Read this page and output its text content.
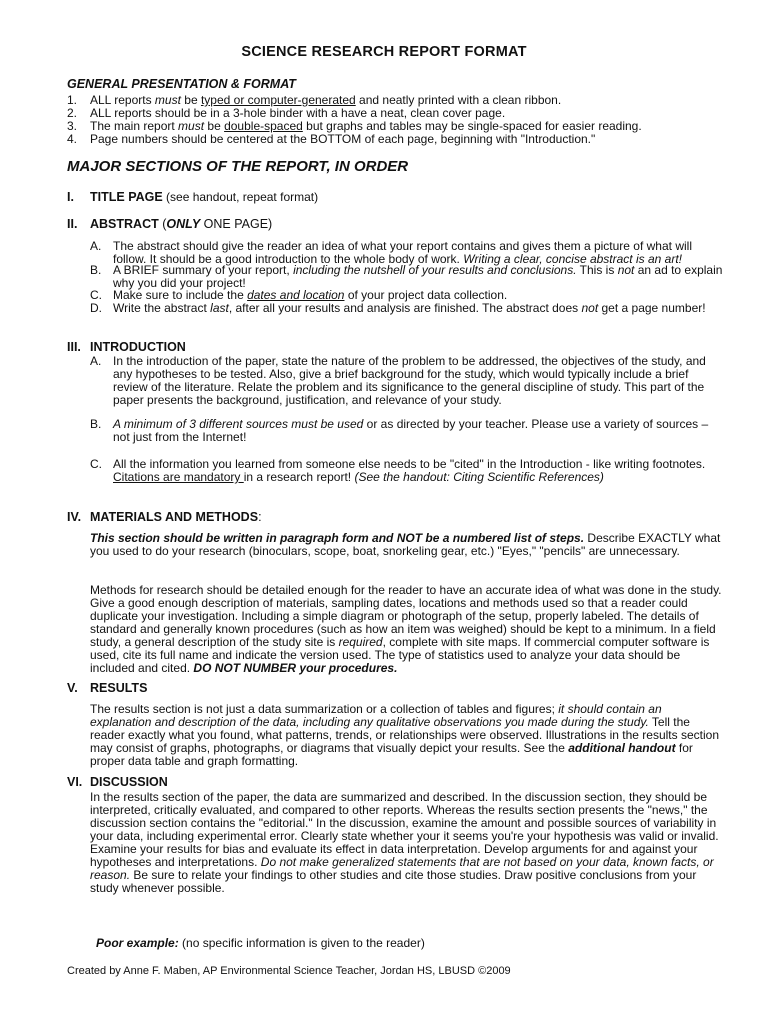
SCIENCE RESEARCH REPORT FORMAT
GENERAL PRESENTATION & FORMAT
1.	ALL reports must be typed or computer-generated and neatly printed with a clean ribbon.

2.	ALL reports should be in a 3-hole binder with a have a neat, clean cover page.

3.	The main report must be double-spaced but graphs and tables may be single-spaced for easier reading.

4.	Page numbers should be centered at the BOTTOM of each page, beginning with "Introduction."

MAJOR SECTIONS OF THE REPORT, IN ORDER
I.	TITLE PAGE (see handout, repeat format)

II.	ABSTRACT (ONLY ONE PAGE)

A. The abstract should give the reader an idea of what your report contains and gives them a picture of what will follow. It should be a good introduction to the whole body of work. Writing a clear, concise abstract is an art!

B. A BRIEF summary of your report, including the nutshell of your results and conclusions. This is not an ad to explain why you did your project!

C. Make sure to include the dates and location of your project data collection.

D. Write the abstract last, after all your results and analysis are finished. The abstract does not get a page number!

III. INTRODUCTION

A. In the introduction of the paper, state the nature of the problem to be addressed, the objectives of the study, and any hypotheses to be tested. Also, give a brief background for the study, which would typically include a brief review of the literature. Relate the problem and its significance to the general discipline of study. This part of the paper presents the background, justification, and relevance of your study.

B. A minimum of 3 different sources must be used or as directed by your teacher. Please use a variety of sources – not just from the Internet!

C. All the information you learned from someone else needs to be "cited" in the Introduction - like writing footnotes. Citations are mandatory in a research report! (See the handout: Citing Scientific References)

IV. MATERIALS AND METHODS:

This section should be written in paragraph form and NOT be a numbered list of steps. Describe EXACTLY what you used to do your research (binoculars, scope, boat, snorkeling gear, etc.) "Eyes," "pencils" are unnecessary.

Methods for research should be detailed enough for the reader to have an accurate idea of what was done in the study. Give a good enough description of materials, sampling dates, locations and methods used so that a reader could duplicate your investigation. Including a simple diagram or photograph of the setup, properly labeled. The details of standard and generally known procedures (such as how an item was weighed) should be kept to a minimum. In a field study, a general description of the study site is required, complete with site maps. If commercial computer software is used, cite its full name and indicate the version used. The type of statistics used to analyze your data should be included and cited. DO NOT NUMBER your procedures.

V. RESULTS

The results section is not just a data summarization or a collection of tables and figures; it should contain an explanation and description of the data, including any qualitative observations you made during the study. Tell the reader exactly what you found, what patterns, trends, or relationships were observed. Illustrations in the results section may consist of graphs, photographs, or diagrams that visually depict your results. See the additional handout for proper data table and graph formatting.

VI. DISCUSSION

In the results section of the paper, the data are summarized and described. In the discussion section, they should be interpreted, critically evaluated, and compared to other reports. Whereas the results section presents the "news," the discussion section contains the "editorial." In the discussion, examine the amount and possible sources of variability in your data, including experimental error. Clearly state whether your it seems you're your hypothesis was valid or invalid. Examine your results for bias and evaluate its effect in data interpretation. Develop arguments for and against your hypotheses and interpretations. Do not make generalized statements that are not based on your data, known facts, or reason. Be sure to relate your findings to other studies and cite those studies. Draw positive conclusions from your study whenever possible.

Poor example: (no specific information is given to the reader)
Created by Anne F. Maben, AP Environmental Science Teacher, Jordan HS, LBUSD ©2009
